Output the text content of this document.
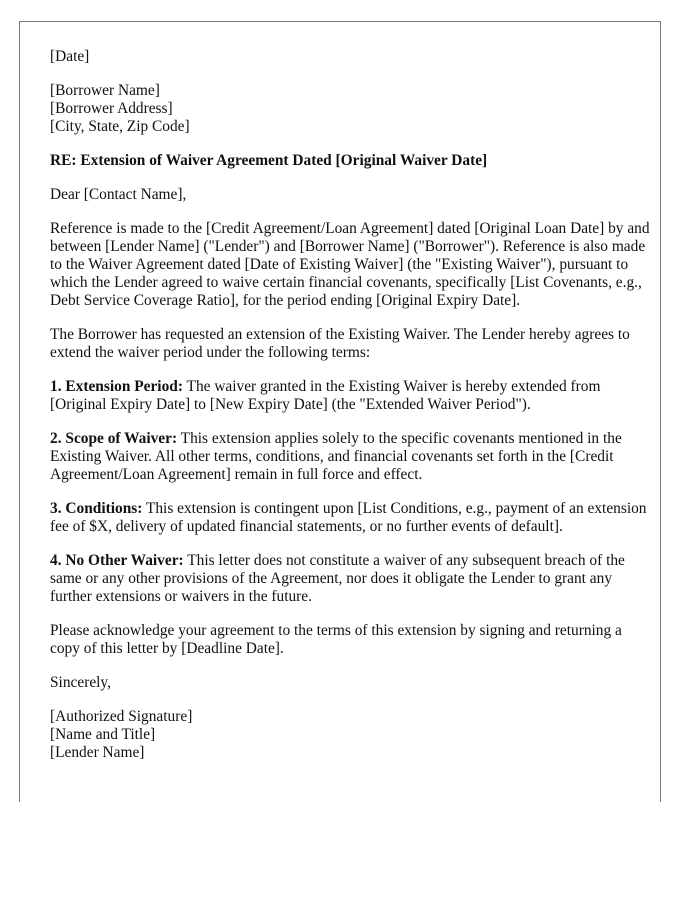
[Date]

[Borrower Name]
[Borrower Address]
[City, State, Zip Code]

RE: Extension of Waiver Agreement Dated [Original Waiver Date]

Dear [Contact Name],

Reference is made to the [Credit Agreement/Loan Agreement] dated [Original Loan Date] by and between [Lender Name] ("Lender") and [Borrower Name] ("Borrower"). Reference is also made to the Waiver Agreement dated [Date of Existing Waiver] (the "Existing Waiver"), pursuant to which the Lender agreed to waive certain financial covenants, specifically [List Covenants, e.g., Debt Service Coverage Ratio], for the period ending [Original Expiry Date].

The Borrower has requested an extension of the Existing Waiver. The Lender hereby agrees to extend the waiver period under the following terms:

1. Extension Period: The waiver granted in the Existing Waiver is hereby extended from [Original Expiry Date] to [New Expiry Date] (the "Extended Waiver Period").

2. Scope of Waiver: This extension applies solely to the specific covenants mentioned in the Existing Waiver. All other terms, conditions, and financial covenants set forth in the [Credit Agreement/Loan Agreement] remain in full force and effect.

3. Conditions: This extension is contingent upon [List Conditions, e.g., payment of an extension fee of $X, delivery of updated financial statements, or no further events of default].

4. No Other Waiver: This letter does not constitute a waiver of any subsequent breach of the same or any other provisions of the Agreement, nor does it obligate the Lender to grant any further extensions or waivers in the future.

Please acknowledge your agreement to the terms of this extension by signing and returning a copy of this letter by [Deadline Date].

Sincerely,

[Authorized Signature]
[Name and Title]
[Lender Name]
